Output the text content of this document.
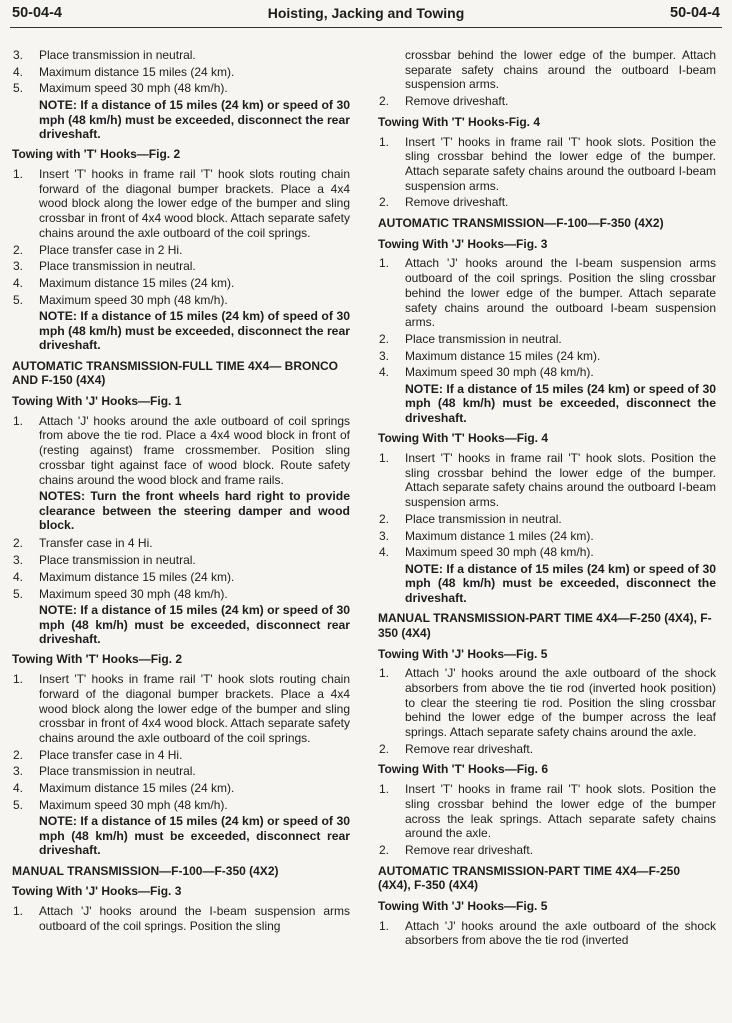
50-04-4	Hoisting, Jacking and Towing	50-04-4
3. Place transmission in neutral.
4. Maximum distance 15 miles (24 km).
5. Maximum speed 30 mph (48 km/h).
NOTE: If a distance of 15 miles (24 km) or speed of 30 mph (48 km/h) must be exceeded, disconnect the rear driveshaft.
Towing with 'T' Hooks—Fig. 2
1. Insert 'T' hooks in frame rail 'T' hook slots routing chain forward of the diagonal bumper brackets. Place a 4x4 wood block along the lower edge of the bumper and sling crossbar in front of 4x4 wood block. Attach separate safety chains around the axle outboard of the coil springs.
2. Place transfer case in 2 Hi.
3. Place transmission in neutral.
4. Maximum distance 15 miles (24 km).
5. Maximum speed 30 mph (48 km/h).
NOTE: If a distance of 15 miles (24 km) of speed of 30 mph (48 km/h) must be exceeded, disconnect the rear driveshaft.
AUTOMATIC TRANSMISSION-FULL TIME 4X4— BRONCO AND F-150 (4X4)
Towing With 'J' Hooks—Fig. 1
1. Attach 'J' hooks around the axle outboard of coil springs from above the tie rod. Place a 4x4 wood block in front of (resting against) frame crossmember. Position sling crossbar tight against face of wood block. Route safety chains around the wood block and frame rails.
NOTES: Turn the front wheels hard right to provide clearance between the steering damper and wood block.
2. Transfer case in 4 Hi.
3. Place transmission in neutral.
4. Maximum distance 15 miles (24 km).
5. Maximum speed 30 mph (48 km/h).
NOTE: If a distance of 15 miles (24 km) or speed of 30 mph (48 km/h) must be exceeded, disconnect rear driveshaft.
Towing With 'T' Hooks—Fig. 2
1. Insert 'T' hooks in frame rail 'T' hook slots routing chain forward of the diagonal bumper brackets. Place a 4x4 wood block along the lower edge of the bumper and sling crossbar in front of 4x4 wood block. Attach separate safety chains around the axle outboard of the coil springs.
2. Place transfer case in 4 Hi.
3. Place transmission in neutral.
4. Maximum distance 15 miles (24 km).
5. Maximum speed 30 mph (48 km/h).
NOTE: If a distance of 15 miles (24 km) or speed of 30 mph (48 km/h) must be exceeded, disconnect rear driveshaft.
MANUAL TRANSMISSION—F-100—F-350 (4X2)
Towing With 'J' Hooks—Fig. 3
1. Attach 'J' hooks around the I-beam suspension arms outboard of the coil springs. Position the sling
crossbar behind the lower edge of the bumper. Attach separate safety chains around the outboard I-beam suspension arms.
2. Remove driveshaft.
Towing With 'T' Hooks-Fig. 4
1. Insert 'T' hooks in frame rail 'T' hook slots. Position the sling crossbar behind the lower edge of the bumper. Attach separate safety chains around the outboard I-beam suspension arms.
2. Remove driveshaft.
AUTOMATIC TRANSMISSION—F-100—F-350 (4X2)
Towing With 'J' Hooks—Fig. 3
1. Attach 'J' hooks around the I-beam suspension arms outboard of the coil springs. Position the sling crossbar behind the lower edge of the bumper. Attach separate safety chains around the outboard I-beam suspension arms.
2. Place transmission in neutral.
3. Maximum distance 15 miles (24 km).
4. Maximum speed 30 mph (48 km/h).
NOTE: If a distance of 15 miles (24 km) or speed of 30 mph (48 km/h) must be exceeded, disconnect the driveshaft.
Towing With 'T' Hooks—Fig. 4
1. Insert 'T' hooks in frame rail 'T' hook slots. Position the sling crossbar behind the lower edge of the bumper. Attach separate safety chains around the outboard I-beam suspension arms.
2. Place transmission in neutral.
3. Maximum distance 1 miles (24 km).
4. Maximum speed 30 mph (48 km/h).
NOTE: If a distance of 15 miles (24 km) or speed of 30 mph (48 km/h) must be exceeded, disconnect the driveshaft.
MANUAL TRANSMISSION-PART TIME 4X4—F-250 (4X4), F-350 (4X4)
Towing With 'J' Hooks—Fig. 5
1. Attach 'J' hooks around the axle outboard of the shock absorbers from above the tie rod (inverted hook position) to clear the steering tie rod. Position the sling crossbar behind the lower edge of the bumper across the leaf springs. Attach separate safety chains around the axle.
2. Remove rear driveshaft.
Towing With 'T' Hooks—Fig. 6
1. Insert 'T' hooks in frame rail 'T' hook slots. Position the sling crossbar behind the lower edge of the bumper across the leak springs. Attach separate safety chains around the axle.
2. Remove rear driveshaft.
AUTOMATIC TRANSMISSION-PART TIME 4X4—F-250 (4X4), F-350 (4X4)
Towing With 'J' Hooks—Fig. 5
1. Attach 'J' hooks around the axle outboard of the shock absorbers from above the tie rod (inverted
